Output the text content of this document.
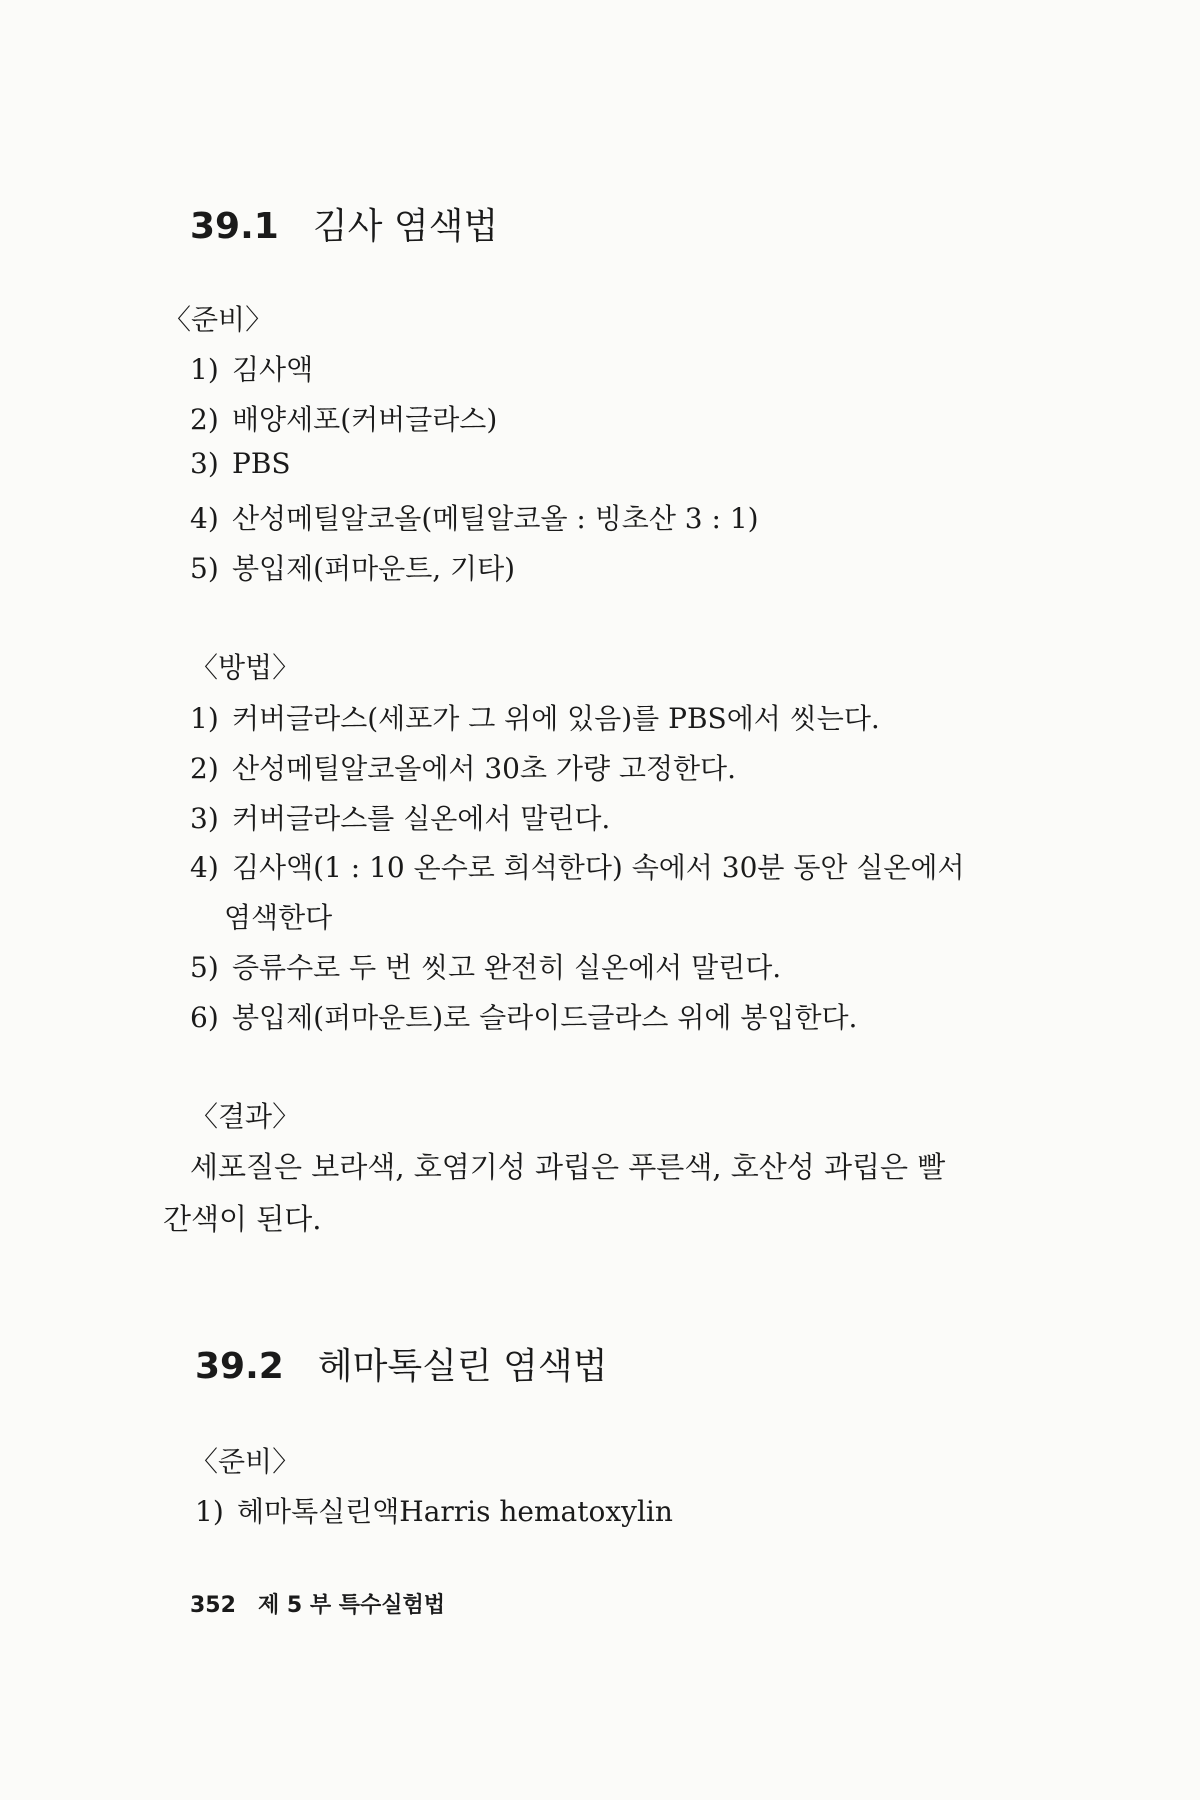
39.1 김사 염색법

〈준비〉

1) 김사액

2) 배양세포(커버글라스)

3) PBS

4) 산성메틸알코올(메틸알코올 : 빙초산 3 : 1)

5) 봉입제(퍼마운트, 기타)

〈방법〉

1) 커버글라스(세포가 그 위에 있음)를 PBS에서 씻는다.

2) 산성메틸알코올에서 30초 가량 고정한다.

3) 커버글라스를 실온에서 말린다.

4) 김사액(1 : 10 온수로 희석한다) 속에서 30분 동안 실온에서

염색한다

5) 증류수로 두 번 씻고 완전히 실온에서 말린다.

6) 봉입제(퍼마운트)로 슬라이드글라스 위에 봉입한다.

〈결과〉

세포질은 보라색, 호염기성 과립은 푸른색, 호산성 과립은 빨

간색이 된다.

39.2 헤마톡실린 염색법

〈준비〉

1) 헤마톡실린액Harris hematoxylin

352 제 5 부 특수실험법
